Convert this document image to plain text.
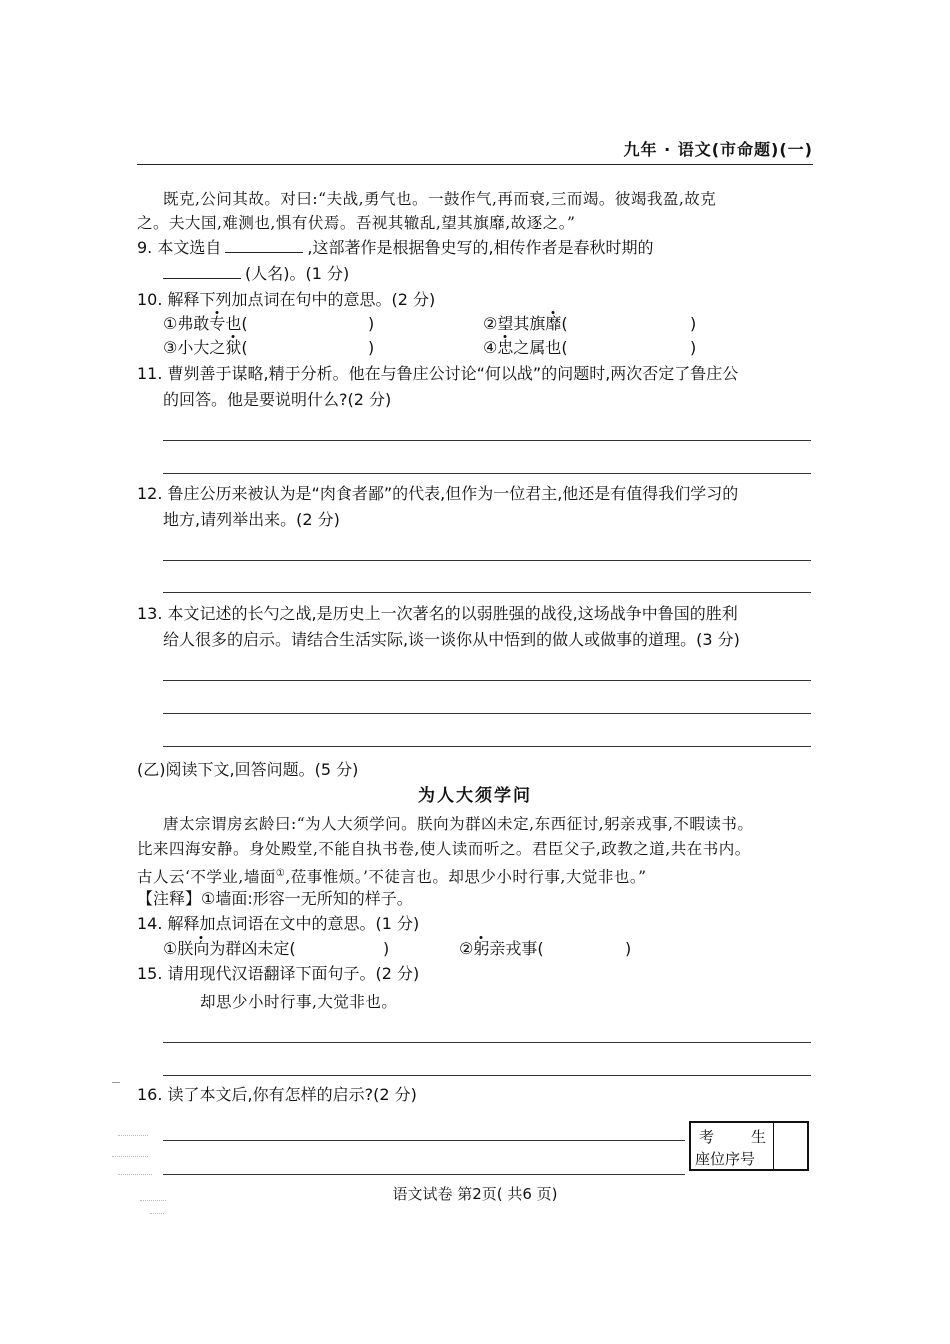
九年 · 语文(市命题)(一)
既克,公问其故。对曰:“夫战,勇气也。一鼓作气,再而衰,三而竭。彼竭我盈,故克
之。夫大国,难测也,惧有伏焉。吾视其辙乱,望其旗靡,故逐之。”
9. 本文选自	,这部著作是根据鲁史写的,相传作者是春秋时期的
(人名)。(1 分)
10. 解释下列加点词在句中的意思。(2 分)
①弗敢专也(	)	②望其旗靡(	)
③小大之狱(	)	④忠之属也(	)
11. 曹刿善于谋略,精于分析。他在与鲁庄公讨论“何以战”的问题时,两次否定了鲁庄公
的回答。他是要说明什么?(2 分)
12. 鲁庄公历来被认为是“肉食者鄙”的代表,但作为一位君主,他还是有值得我们学习的
地方,请列举出来。(2 分)
13. 本文记述的长勺之战,是历史上一次著名的以弱胜强的战役,这场战争中鲁国的胜利
给人很多的启示。请结合生活实际,谈一谈你从中悟到的做人或做事的道理。(3 分)
(乙)阅读下文,回答问题。(5 分)
为人大须学问
唐太宗谓房玄龄曰:“为人大须学问。朕向为群凶未定,东西征讨,躬亲戎事,不暇读书。
比来四海安静。身处殿堂,不能自执书卷,使人读而听之。君臣父子,政教之道,共在书内。
古人云‘不学业,墙面①,莅事惟烦。’不徒言也。却思少小时行事,大觉非也。”
【注释】①墙面:形容一无所知的样子。
14. 解释加点词语在文中的意思。(1 分)
①朕向为群凶未定(	)	②躬亲戎事(	)
15. 请用现代汉语翻译下面句子。(2 分)
却思少小时行事,大觉非也。
16. 读了本文后,你有怎样的启示?(2 分)
考 生
座位序号
语文试卷 第2页( 共6 页)
